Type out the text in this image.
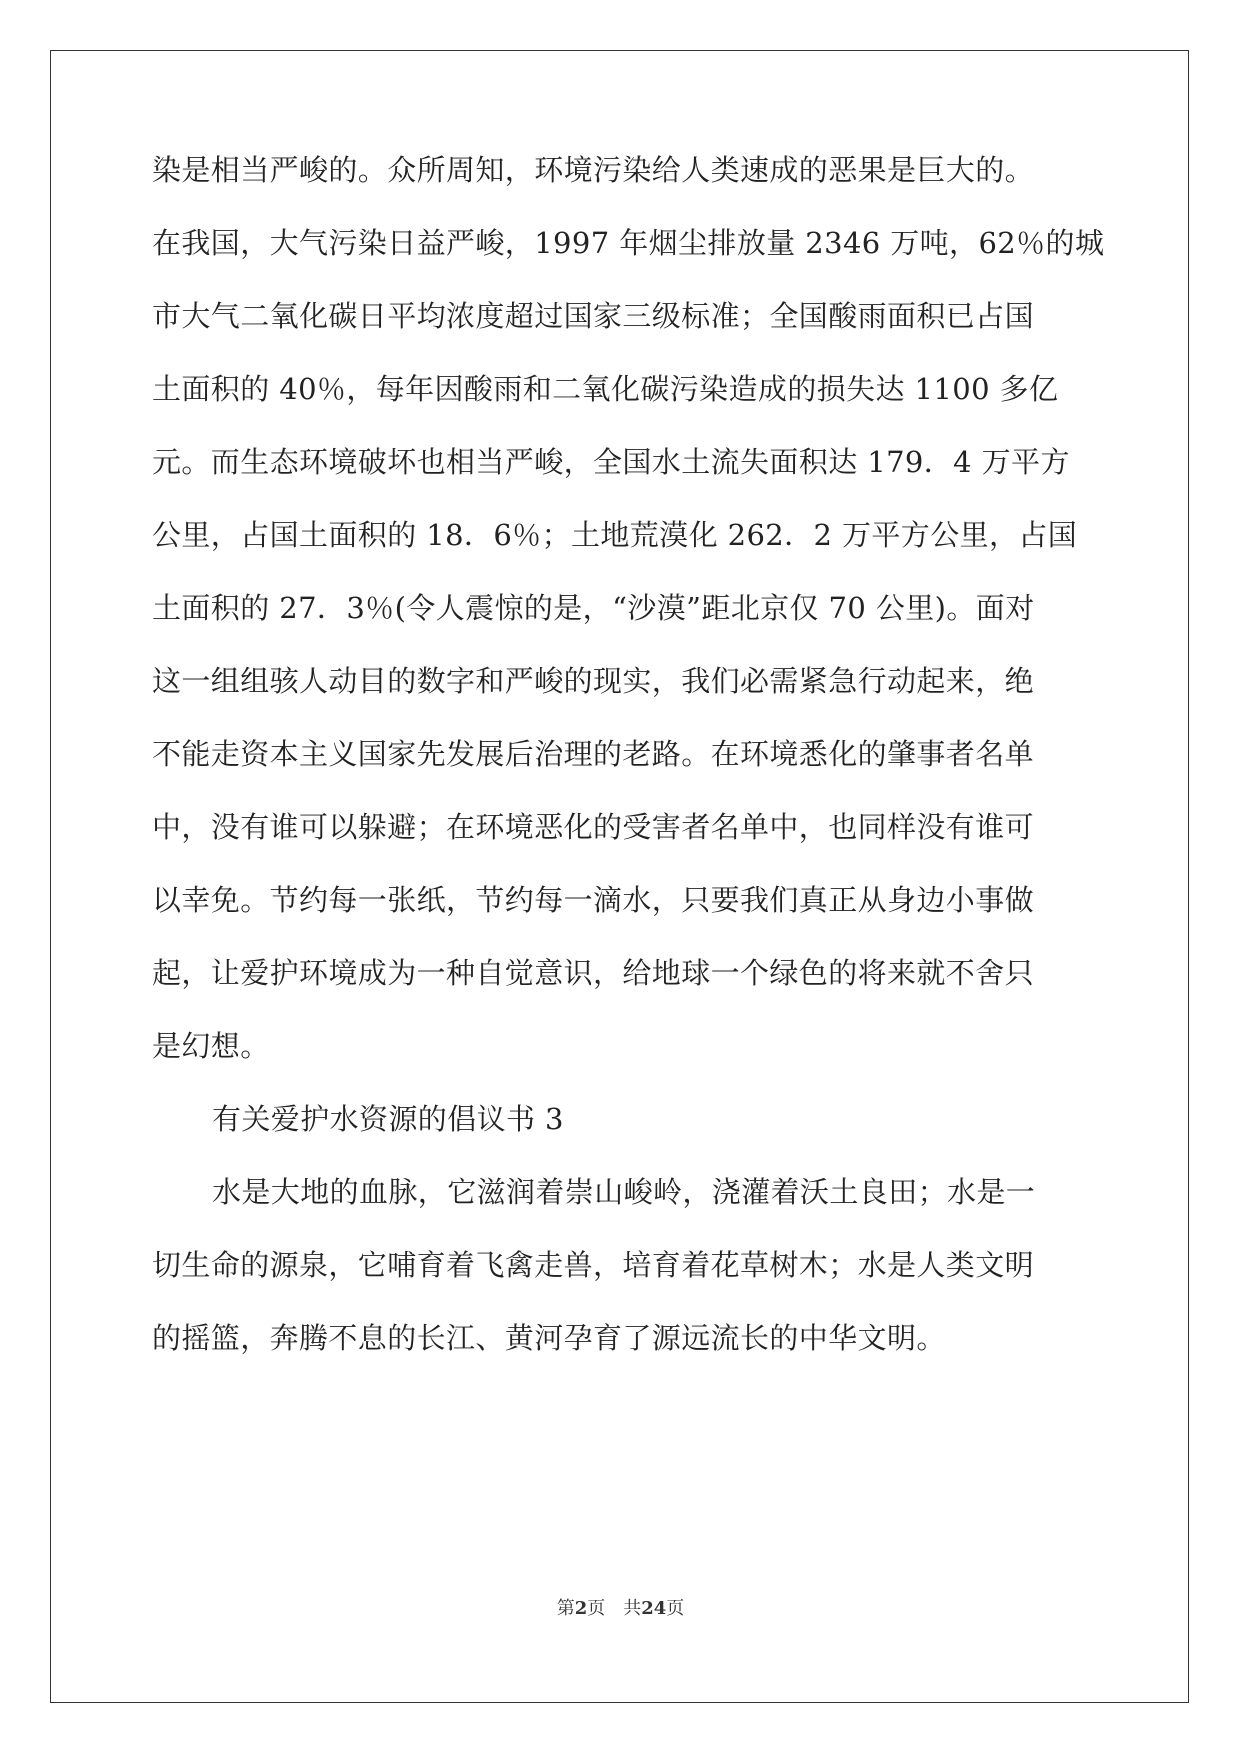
染是相当严峻的。众所周知，环境污染给人类速成的恶果是巨大的。
在我国，大气污染日益严峻，1997 年烟尘排放量 2346 万吨，62％的城
市大气二氧化碳日平均浓度超过国家三级标准；全国酸雨面积已占国
土面积的 40％，每年因酸雨和二氧化碳污染造成的损失达 1100 多亿
元。而生态环境破坏也相当严峻，全国水土流失面积达 179．4 万平方
公里，占国土面积的 18．6％；土地荒漠化 262．2 万平方公里，占国
土面积的 27．3％(令人震惊的是，“沙漠”距北京仅 70 公里)。面对
这一组组骇人动目的数字和严峻的现实，我们必需紧急行动起来，绝
不能走资本主义国家先发展后治理的老路。在环境悉化的肇事者名单
中，没有谁可以躲避；在环境恶化的受害者名单中，也同样没有谁可
以幸免。节约每一张纸，节约每一滴水，只要我们真正从身边小事做
起，让爱护环境成为一种自觉意识，给地球一个绿色的将来就不舍只
是幻想。
有关爱护水资源的倡议书 3
水是大地的血脉，它滋润着崇山峻岭，浇灌着沃土良田；水是一
切生命的源泉，它哺育着飞禽走兽，培育着花草树木；水是人类文明
的摇篮，奔腾不息的长江、黄河孕育了源远流长的中华文明。
第2页 共24页
